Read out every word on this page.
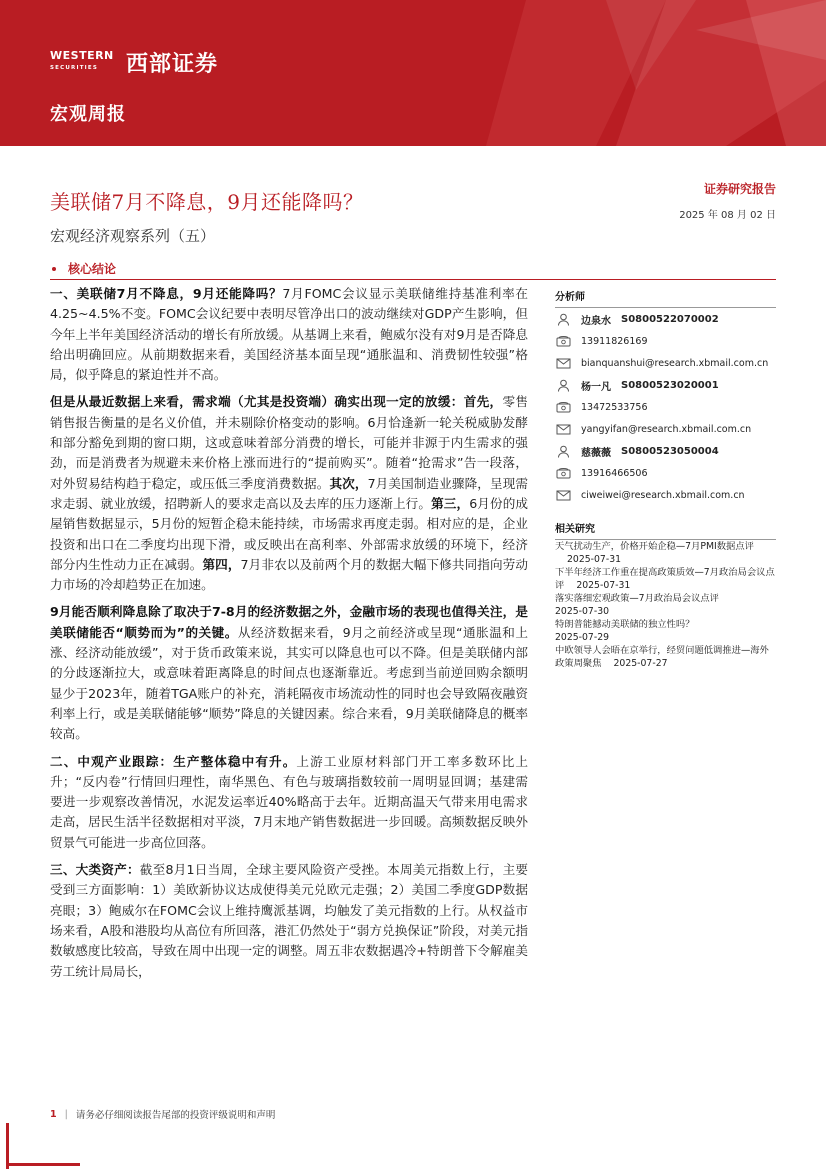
WESTERN
SECURITIES	西部证券
宏观周报
美联储7月不降息，9月还能降吗？
宏观经济观察系列（五）
证券研究报告
2025 年 08 月 02 日
核心结论

一、美联储7月不降息，9月还能降吗？7月FOMC会议显示美联储维持基准利率在4.25~4.5%不变。FOMC会议纪要中表明尽管净出口的波动继续对GDP产生影响，但今年上半年美国经济活动的增长有所放缓。从基调上来看，鲍威尔没有对9月是否降息给出明确回应。从前期数据来看，美国经济基本面呈现“通胀温和、消费韧性较强”格局，似乎降息的紧迫性并不高。

但是从最近数据上来看，需求端（尤其是投资端）确实出现一定的放缓：首先，零售销售报告衡量的是名义价值，并未剔除价格变动的影响。6月恰逢新一轮关税威胁发酵和部分豁免到期的窗口期，这或意味着部分消费的增长，可能并非源于内生需求的强劲，而是消费者为规避未来价格上涨而进行的“提前购买”。随着“抢需求”告一段落，对外贸易结构趋于稳定，或压低三季度消费数据。其次，7月美国制造业骤降，呈现需求走弱、就业放缓，招聘新人的要求走高以及去库的压力逐渐上行。第三，6月份的成屋销售数据显示，5月份的短暂企稳未能持续，市场需求再度走弱。相对应的是，企业投资和出口在二季度均出现下滑，或反映出在高利率、外部需求放缓的环境下，经济部分内生性动力正在减弱。第四，7月非农以及前两个月的数据大幅下修共同指向劳动力市场的冷却趋势正在加速。

9月能否顺利降息除了取决于7-8月的经济数据之外，金融市场的表现也值得关注，是美联储能否“顺势而为”的关键。从经济数据来看，9月之前经济或呈现“通胀温和上涨、经济动能放缓”，对于货币政策来说，其实可以降息也可以不降。但是美联储内部的分歧逐渐拉大，或意味着距离降息的时间点也逐渐靠近。考虑到当前逆回购余额明显少于2023年，随着TGA账户的补充，消耗隔夜市场流动性的同时也会导致隔夜融资利率上行，或是美联储能够“顺势”降息的关键因素。综合来看，9月美联储降息的概率较高。

二、中观产业跟踪：生产整体稳中有升。上游工业原材料部门开工率多数环比上升；“反内卷”行情回归理性，南华黑色、有色与玻璃指数较前一周明显回调；基建需要进一步观察改善情况，水泥发运率近40%略高于去年。近期高温天气带来用电需求走高，居民生活半径数据相对平淡，7月末地产销售数据进一步回暖。高频数据反映外贸景气可能进一步高位回落。

三、大类资产：截至8月1日当周，全球主要风险资产受挫。本周美元指数上行，主要受到三方面影响：1）美欧新协议达成使得美元兑欧元走强；2）美国二季度GDP数据亮眼；3）鲍威尔在FOMC会议上维持鹰派基调，均触发了美元指数的上行。从权益市场来看，A股和港股均从高位有所回落，港汇仍然处于“弱方兑换保证”阶段，对美元指数敏感度比较高，导致在周中出现一定的调整。周五非农数据遇冷+特朗普下令解雇美劳工统计局局长，

分析师
边泉水 S0800522070002
13911826169
bianquanshui@research.xbmail.com.cn
杨一凡 S0800523020001
13472533756
yangyifan@research.xbmail.com.cn
慈薇薇 S0800523050004
13916466506
ciweiwei@research.xbmail.com.cn
相关研究
天气扰动生产，价格开始企稳—7月PMI数据点评2025-07-31
下半年经济工作重在提高政策质效—7月政治局会议点评 2025-07-31
落实落细宏观政策—7月政治局会议点评
2025-07-30
特朗普能撼动美联储的独立性吗？
2025-07-29
中欧领导人会晤在京举行，经贸问题低调推进—海外政策周聚焦 2025-07-27
1 | 请务必仔细阅读报告尾部的投资评级说明和声明
